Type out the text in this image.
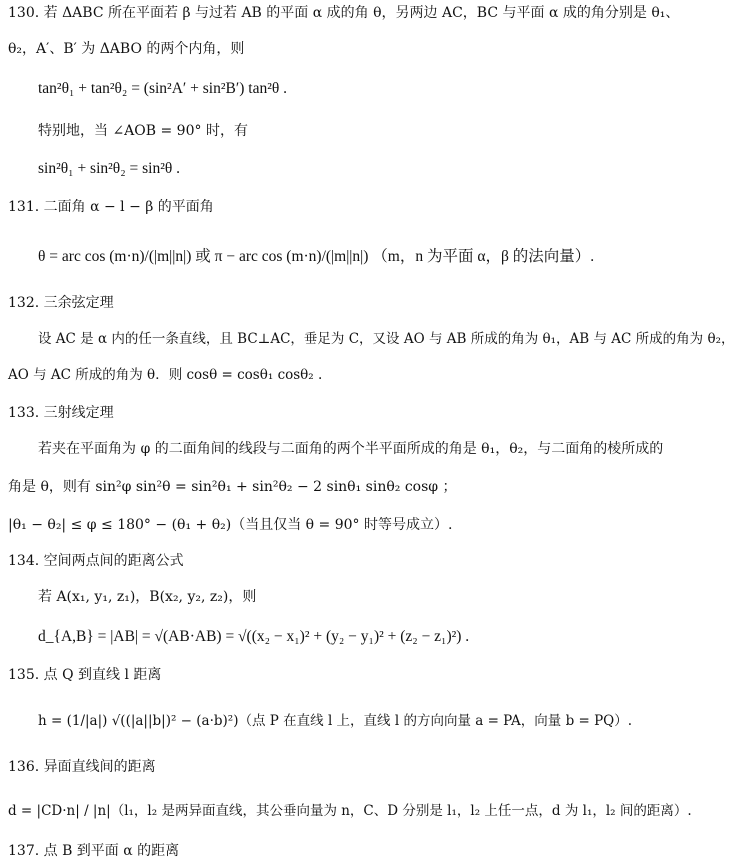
130. 若 ΔABC 所在平面若 β 与过若 AB 的平面 α 成的角 θ，另两边 AC，BC 与平面 α 成的角分别是 θ₁、
θ₂，A′、B′ 为 ΔABO 的两个内角，则
tan²θ₁ + tan²θ₂ = (sin²A′ + sin²B′) tan²θ .
特别地，当 ∠AOB = 90° 时，有
sin²θ₁ + sin²θ₂ = sin²θ .
131. 二面角 α − l − β 的平面角
θ = arc cos (m·n)/(|m||n|) 或 π − arc cos (m·n)/(|m||n|) （m，n 为平面 α，β 的法向量）.
132. 三余弦定理
设 AC 是 α 内的任一条直线，且 BC⊥AC，垂足为 C，又设 AO 与 AB 所成的角为 θ₁，AB 与 AC 所成的角为 θ₂，
AO 与 AC 所成的角为 θ．则 cosθ = cosθ₁ cosθ₂ .
133. 三射线定理
若夹在平面角为 φ 的二面角间的线段与二面角的两个半平面所成的角是 θ₁，θ₂，与二面角的棱所成的
角是 θ，则有 sin²φ sin²θ = sin²θ₁ + sin²θ₂ − 2 sinθ₁ sinθ₂ cosφ ；
|θ₁ − θ₂| ≤ φ ≤ 180° − (θ₁ + θ₂)（当且仅当 θ = 90° 时等号成立）.
134. 空间两点间的距离公式
若 A(x₁, y₁, z₁)，B(x₂, y₂, z₂)，则
d_{A,B} = |AB| = √(AB·AB) = √((x₂ − x₁)² + (y₂ − y₁)² + (z₂ − z₁)²) .
135. 点 Q 到直线 l 距离
h = (1/|a|) √((|a||b|)² − (a·b)²)（点 P 在直线 l 上，直线 l 的方向向量 a = PA，向量 b = PQ）.
136. 异面直线间的距离
d = |CD·n| / |n|（l₁，l₂ 是两异面直线，其公垂向量为 n，C、D 分别是 l₁，l₂ 上任一点，d 为 l₁，l₂ 间的距离）.
137. 点 B 到平面 α 的距离
